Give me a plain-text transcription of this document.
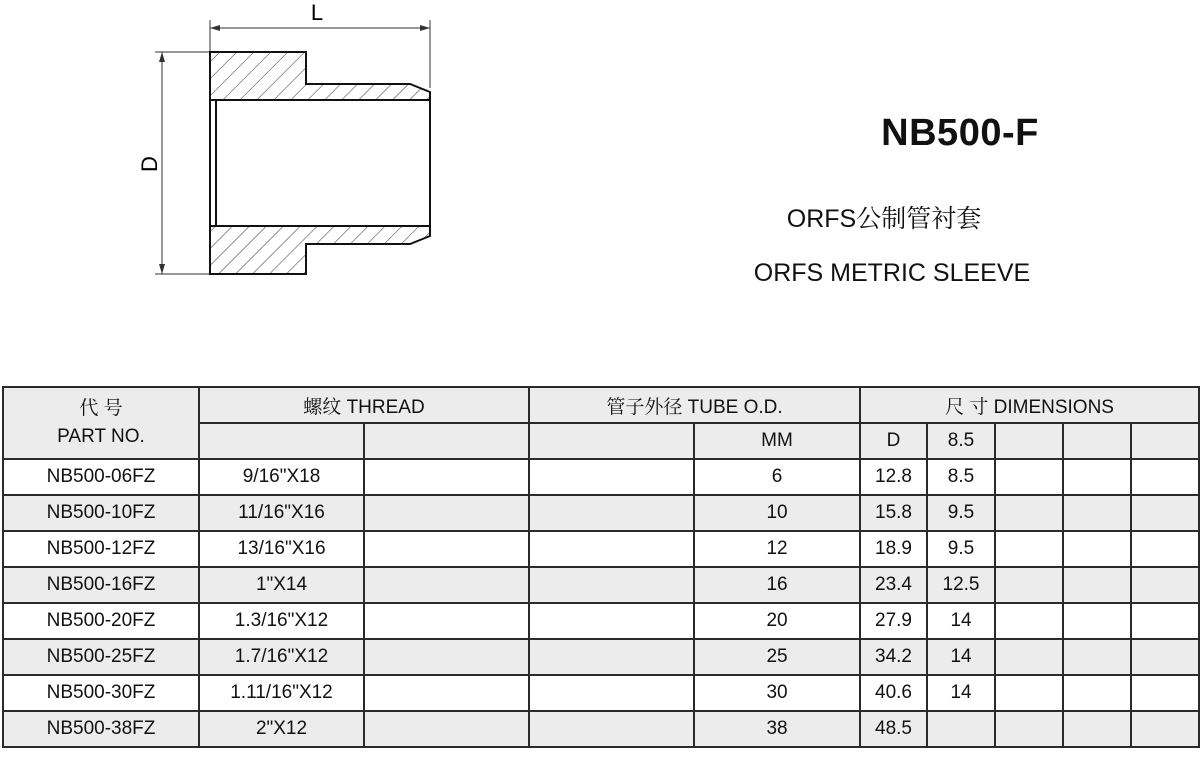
L
D
NB500-F
ORFS公制管衬套
ORFS METRIC SLEEVE
代 号
PART NO.	螺纹 THREAD		管子外径 TUBE O.D.		尺 寸 DIMENSIONS				
				MM	D	8.5			
NB500-06FZ	9/16"X18			6	12.8	8.5			
NB500-10FZ	11/16"X16			10	15.8	9.5			
NB500-12FZ	13/16"X16			12	18.9	9.5			
NB500-16FZ	1"X14			16	23.4	12.5			
NB500-20FZ	1.3/16"X12			20	27.9	14			
NB500-25FZ	1.7/16"X12			25	34.2	14			
NB500-30FZ	1.11/16"X12			30	40.6	14			
NB500-38FZ	2"X12			38	48.5				
